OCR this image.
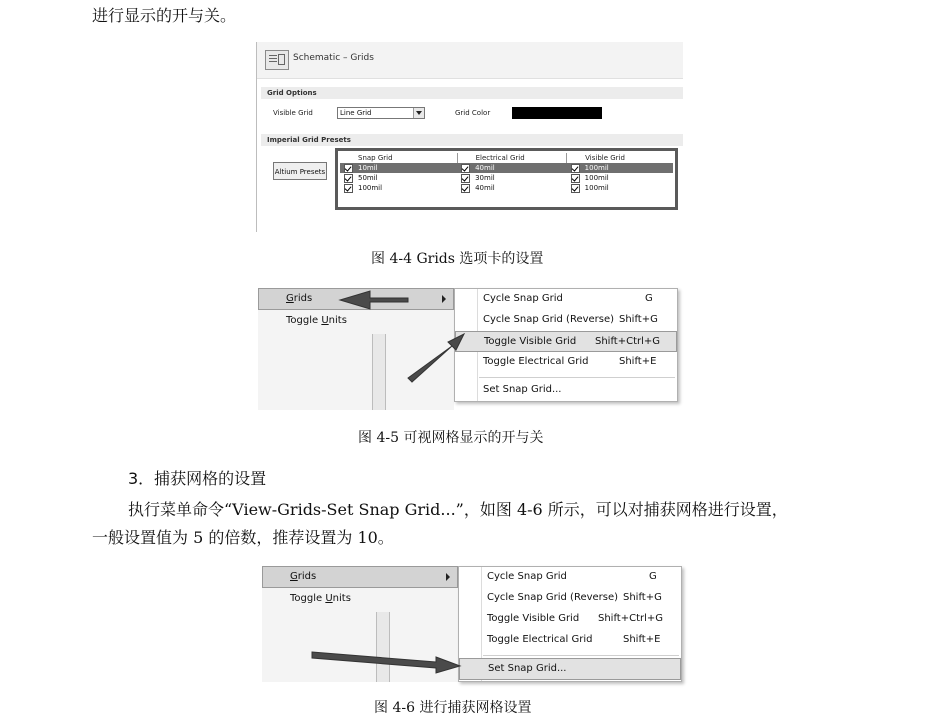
进行显示的开与关。
Schematic – Grids
Grid Options
Visible Grid	Line Grid	Grid Color
Imperial Grid Presets
Altium Presets
Snap Grid	Electrical Grid	Visible Grid

10mil	40mil	100mil

50mil	30mil	100mil

100mil	40mil	100mil
图 4-4 Grids 选项卡的设置
Grids
Toggle Units
Cycle Snap Grid	G
Cycle Snap Grid (Reverse) Shift+G
Toggle Visible Grid Shift+Ctrl+G
Toggle Electrical Grid	Shift+E
Set Snap Grid...
图 4-5 可视网格显示的开与关
3．捕获网格的设置
执行菜单命令“View-Grids-Set Snap Grid...”，如图 4-6 所示，可以对捕获网格进行设置，
一般设置值为 5 的倍数，推荐设置为 10。
Grids
Toggle Units
Cycle Snap Grid	G
Cycle Snap Grid (Reverse) Shift+G
Toggle Visible Grid Shift+Ctrl+G
Toggle Electrical Grid	Shift+E
Set Snap Grid...
图 4-6 进行捕获网格设置
